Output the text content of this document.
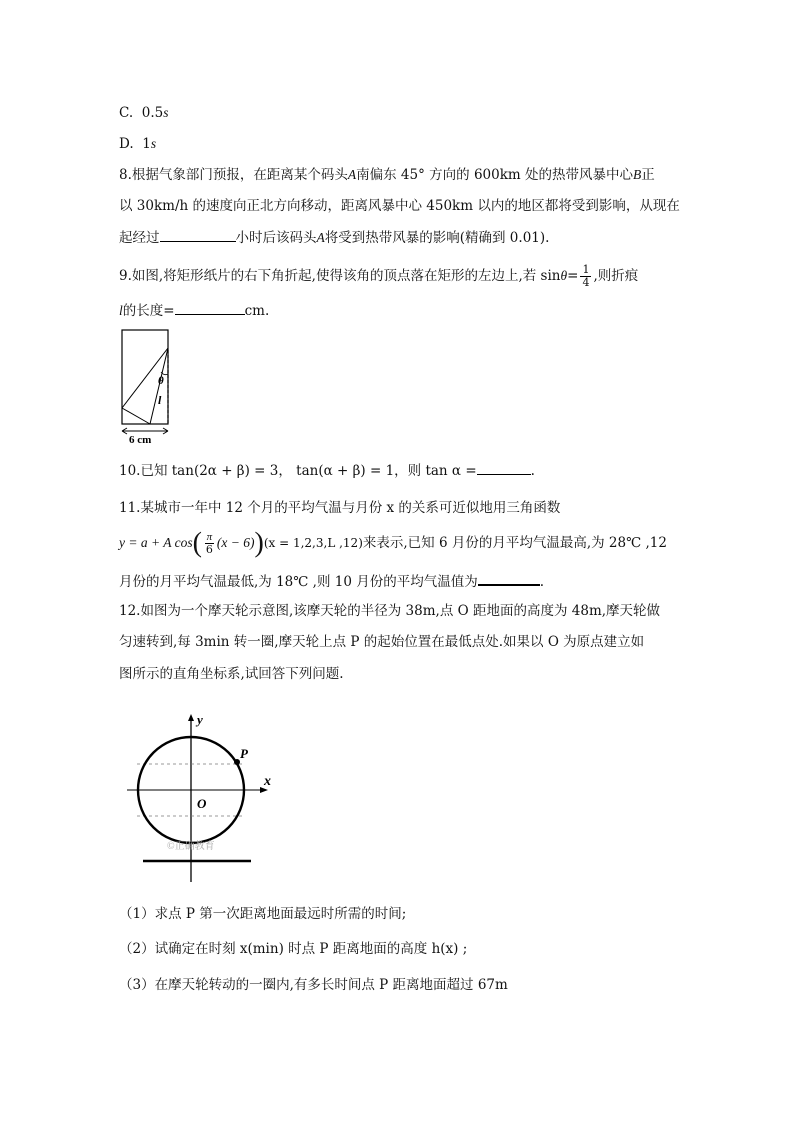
C. 0.5s
D. 1s
8.根据气象部门预报，在距离某个码头A南偏东 45° 方向的 600km 处的热带风暴中心B正
以 30km/h 的速度向正北方向移动，距离风暴中心 450km 以内的地区都将受到影响，从现在
起经过	小时后该码头A将受到热带风暴的影响(精确到 0.01).
9.如图,将矩形纸片的右下角折起,使得该角的顶点落在矩形的左边上,若 $\sin\theta= \frac{1}{4}$ ,则折痕
l的长度=	cm.
θ
l
6 cm
10.已知 tan(2α + β) = 3， tan(α + β) = 1，则 tan α =	.
11.某城市一年中 12 个月的平均气温与月份 x 的关系可近似地用三角函数
y = a + A $\cos( \frac{\pi}{6} (x - 6))(x = 1,2,3,L$ ,12)来表示,已知 6 月份的月平均气温最高,为 28℃ ,12
月份的月平均气温最低,为 18℃ ,则 10 月份的平均气温值为	.
12.如图为一个摩天轮示意图,该摩天轮的半径为 38m,点 O 距地面的高度为 48m,摩天轮做
匀速转到,每 3min 转一圈,摩天轮上点 P 的起始位置在最低点处.如果以 O 为原点建立如
图所示的直角坐标系,试回答下列问题.
y
x
P
O
©正确教育
（1）求点 P 第一次距离地面最远时所需的时间;
（2）试确定在时刻 x(min) 时点 P 距离地面的高度 h(x) ;
（3）在摩天轮转动的一圈内,有多长时间点 P 距离地面超过 67m
